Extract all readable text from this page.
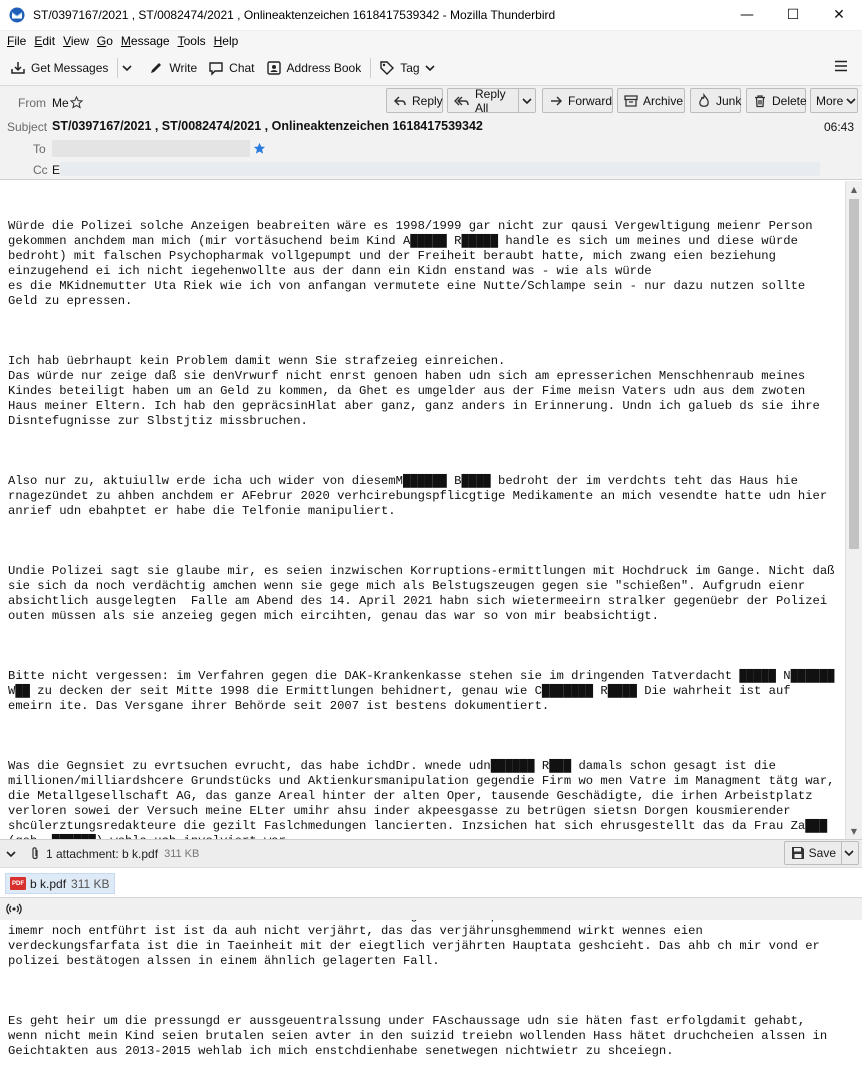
ST/0397167/2021 , ST/0082474/2021 , Onlineaktenzeichen 1618417539342 - Mozilla Thunderbird	—	☐	✕
File Edit View Go Message Tools Help
Get Messages	Write	Chat	Address Book	Tag
From Me	Reply	Reply All	Forward	Archive	Junk	Delete More
Subject ST/0397167/2021 , ST/0082474/2021 , Onlineaktenzeichen 1618417539342	06:43
To
Cc E

Würde die Polizei solche Anzeigen beabreiten wäre es 1998/1999 gar nicht zur qausi Vergewltigung meienr Person gekommen anchdem man mich (mir vortäsuchend beim Kind A█████ R█████ handle es sich um meines und diese würde bedroht) mit falschen Psychopharmak vollgepumpt und der Freiheit beraubt hatte, mich zwang eien beziehung einzugehend ei ich nicht iegehenwollte aus der dann ein Kidn enstand was - wie als würde
es die MKidnemutter Uta Riek wie ich von anfangan vermutete eine Nutte/Schlampe sein - nur dazu nutzen sollte Geld zu epressen.

Ich hab üebrhaupt kein Problem damit wenn Sie strafzeieg einreichen.
Das würde nur zeige daß sie denVrwurf nicht enrst genoen haben udn sich am epresserichen Menschhenraub meines Kindes beteiligt haben um an Geld zu kommen, da Ghet es umgelder aus der Fime meisn Vaters udn aus dem zwoten Haus meiner Eltern. Ich hab den gepräcsinHlat aber ganz, ganz anders in Erinnerung. Undn ich galueb ds sie ihre Disntefugnisse zur Slbstjtiz missbruchen.

Also nur zu, aktuiullw erde icha uch wider von diesemM██████ B████ bedroht der im verdchts teht das Haus hie rnagezündet zu ahben anchdem er AFebrur 2020 verhcirebungspflicgtige Medikamente an mich vesendte hatte udn hier anrief udn ebahptet er habe die Telfonie manipuliert.

Undie Polizei sagt sie glaube mir, es seien inzwischen Korruptions-ermittlungen mit Hochdruck im Gange. Nicht daß sie sich da noch verdächtig amchen wenn sie gege mich als Belstugszeugen gegen sie "schießen". Aufgrudn eienr absichtlich ausgelegten  Falle am Abend des 14. April 2021 habn sich wietermeeirn stralker gegenüebr der Polizei outen müssen als sie anzeieg gegen mich eircihten, genau das war so von mir beabsichtigt.

Bitte nicht vergessen: im Verfahren gegen die DAK-Krankenkasse stehen sie im dringenden Tatverdacht █████ N██████ W██ zu decken der seit Mitte 1998 die Ermittlungen behidnert, genau wie C███████ R████ Die wahrheit ist auf emeirn ite. Das Versgane ihrer Behörde seit 2007 ist bestens dokumentiert.

Was die Gegnsiet zu evrtsuchen evrucht, das habe ichdDr. wnede udn██████ R███ damals schon gesagt ist die millionen/milliardshcere Grundstücks und Aktienkursmanipulation gegendie Firm wo men Vatre im Managment tätg war, die Metallgesellschaft AG, das ganze Areal hinter der alten Oper, tausende Geschädigte, die irhen Arbeistplatz verloren sowei der Versuch meine ELter umihr ahsu inder akpeesgasse zu betrügen sietsn Dorgen kousmierender shcülerztungsredakteure die gezilt Faslchmedungen lancierten. Inzsichen hat sich ehrusgestellt das da Frau Za███

imemr noch entführt ist ist da auh nicht verjährt, das das verjährunsghemmend wirkt wennes eien verdeckungsfarfata ist die in Taeinheit mit der eiegtlich verjährten Hauptata geshcieht. Das ahb ch mir vond er polizei bestätogen alssen in einem ähnlich gelagerten Fall.

Es geht heir um die pressungd er aussgeuentralssung under FAschaussage udn sie häten fast erfolgdamit gehabt, wenn nicht mein Kind seien brutalen seien avter in den suizid treiebn wollenden Hass hätet druchcheien alssen in Geichtakten aus 2013-2015 wehlab ich mich enstchdienhabe senetwegen nichtwietr zu shceiegn.

▲
▼
1 attachment: b k.pdf 311 KB	Save
PDF b k.pdf 311 KB
